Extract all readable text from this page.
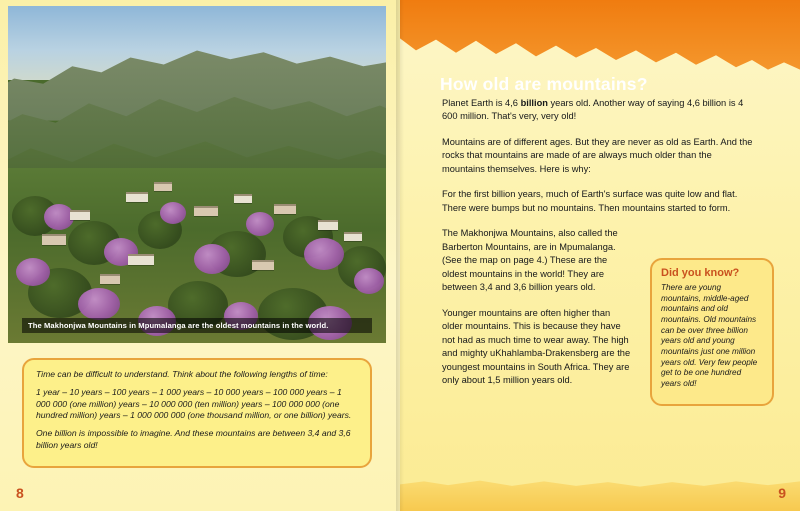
The Makhonjwa Mountains in Mpumalanga are the oldest mountains in the world.

Time can be difficult to understand. Think about the following lengths of time:

1 year – 10 years – 100 years – 1 000 years – 10 000 years – 100 000 years – 1 000 000 (one million) years – 10 000 000 (ten million) years – 100 000 000 (one hundred million) years – 1 000 000 000 (one thousand million, or one billion) years.

One billion is impossible to imagine. And these mountains are between 3,4 and 3,6 billion years old!

8
How old are mountains?

Planet Earth is 4,6 billion years old. Another way of saying 4,6 billion is 4 600 million. That's very, very old!

Mountains are of different ages. But they are never as old as Earth. And the rocks that mountains are made of are always much older than the mountains themselves. Here is why:

For the first billion years, much of Earth's surface was quite low and flat. There were bumps but no mountains. Then mountains started to form.

The Makhonjwa Mountains, also called the Barberton Mountains, are in Mpumalanga. (See the map on page 4.) These are the oldest mountains in the world! They are between 3,4 and 3,6 billion years old.

Younger mountains are often higher than older mountains. This is because they have not had as much time to wear away. The high and mighty uKhahlamba-Drakensberg are the youngest mountains in South Africa. They are only about 1,5 million years old.

Did you know?

There are young mountains, middle-aged mountains and old mountains. Old mountains can be over three billion years old and young mountains just one million years old. Very few people get to be one hundred years old!

9
